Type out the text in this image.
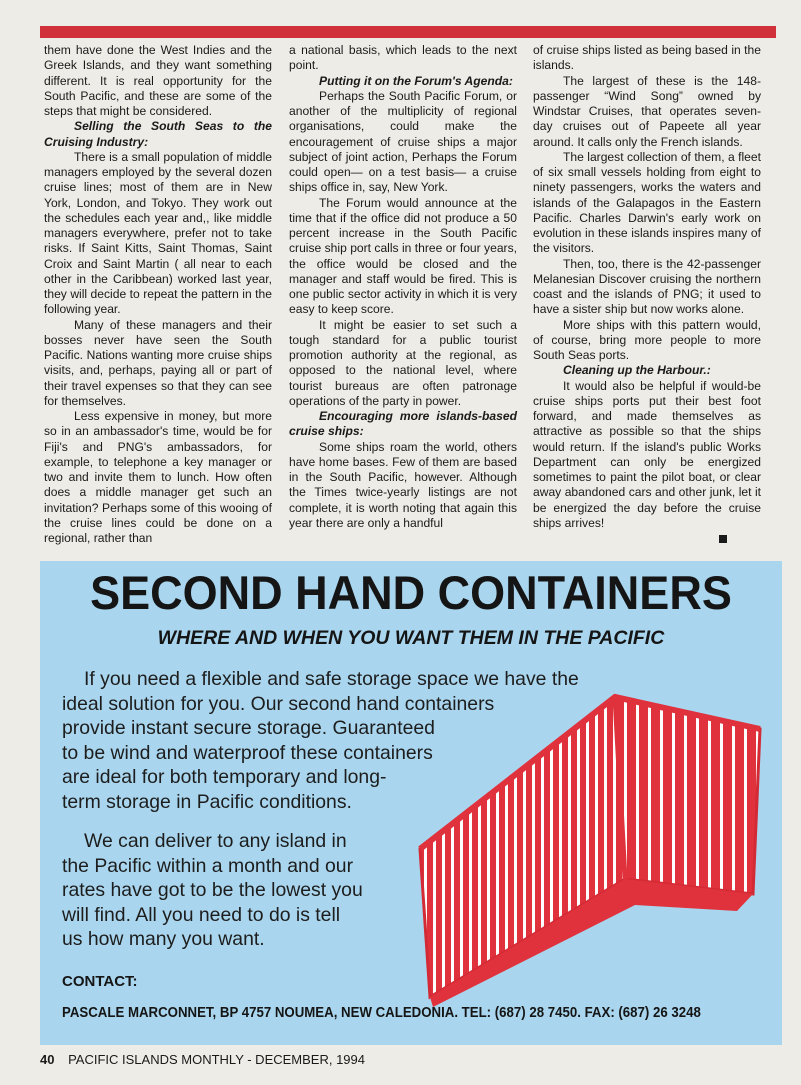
them have done the West Indies and the Greek Islands, and they want something different. It is real opportunity for the South Pacific, and these are some of the steps that might be considered.

Selling the South Seas to the Cruising Industry:

There is a small population of middle managers employed by the several dozen cruise lines; most of them are in New York, London, and Tokyo. They work out the schedules each year and,, like middle managers everywhere, prefer not to take risks. If Saint Kitts, Saint Thomas, Saint Croix and Saint Martin ( all near to each other in the Caribbean) worked last year, they will decide to repeat the pattern in the following year.

Many of these managers and their bosses never have seen the South Pacific. Nations wanting more cruise ships visits, and, perhaps, paying all or part of their travel expenses so that they can see for themselves.

Less expensive in money, but more so in an ambassador's time, would be for Fiji's and PNG's ambassadors, for example, to telephone a key manager or two and invite them to lunch. How often does a middle manager get such an invitation? Perhaps some of this wooing of the cruise lines could be done on a regional, rather than

a national basis, which leads to the next point.

Putting it on the Forum's Agenda:

Perhaps the South Pacific Forum, or another of the multiplicity of regional organisations, could make the encouragement of cruise ships a major subject of joint action, Perhaps the Forum could open— on a test basis— a cruise ships office in, say, New York.

The Forum would announce at the time that if the office did not produce a 50 percent increase in the South Pacific cruise ship port calls in three or four years, the office would be closed and the manager and staff would be fired. This is one public sector activity in which it is very easy to keep score.

It might be easier to set such a tough standard for a public tourist promotion authority at the regional, as opposed to the national level, where tourist bureaus are often patronage operations of the party in power.

Encouraging more islands-based cruise ships:

Some ships roam the world, others have home bases. Few of them are based in the South Pacific, however. Although the Times twice-yearly listings are not complete, it is worth noting that again this year there are only a handful

of cruise ships listed as being based in the islands.

The largest of these is the 148-passenger “Wind Song” owned by Windstar Cruises, that operates seven-day cruises out of Papeete all year around. It calls only the French islands.

The largest collection of them, a fleet of six small vessels holding from eight to ninety passengers, works the waters and islands of the Galapagos in the Eastern Pacific. Charles Darwin's early work on evolution in these islands inspires many of the visitors.

Then, too, there is the 42-passenger Melanesian Discover cruising the northern coast and the islands of PNG; it used to have a sister ship but now works alone.

More ships with this pattern would, of course, bring more people to more South Seas ports.

Cleaning up the Harbour.:

It would also be helpful if would-be cruise ships ports put their best foot forward, and made themselves as attractive as possible so that the ships would return. If the island's public Works Department can only be energized sometimes to paint the pilot boat, or clear away abandoned cars and other junk, let it be energized the day before the cruise ships arrives!

SECOND HAND CONTAINERS
WHERE AND WHEN YOU WANT THEM IN THE PACIFIC
If you need a flexible and safe storage space we have the
ideal solution for you. Our second hand containers
provide instant secure storage. Guaranteed
to be wind and waterproof these containers
are ideal for both temporary and long-
term storage in Pacific conditions.
We can deliver to any island in
the Pacific within a month and our
rates have got to be the lowest you
will find. All you need to do is tell
us how many you want.
CONTACT:
PASCALE MARCONNET, BP 4757 NOUMEA, NEW CALEDONIA. TEL: (687) 28 7450. FAX: (687) 26 3248
40 PACIFIC ISLANDS MONTHLY - DECEMBER, 1994
